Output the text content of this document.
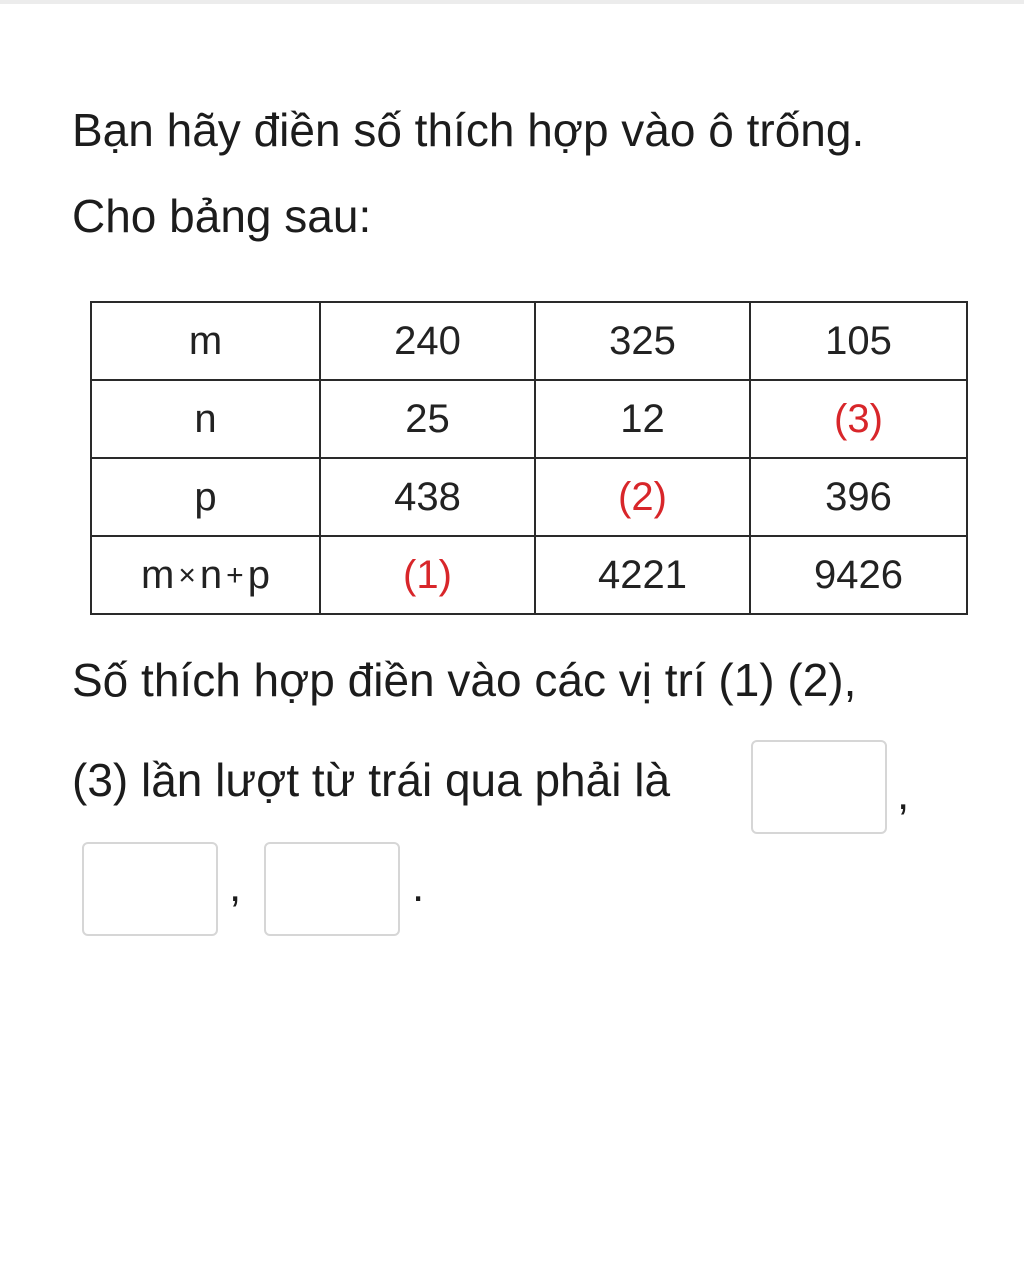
Bạn hãy điền số thích hợp vào ô trống.
Cho bảng sau:
m	240	325	105
n	25	12	(3)
p	438	(2)	396
m × n + p	(1)	4221	9426
Số thích hợp điền vào các vị trí (1) (2),
(3) lần lượt từ trái qua phải là	,
,	.
